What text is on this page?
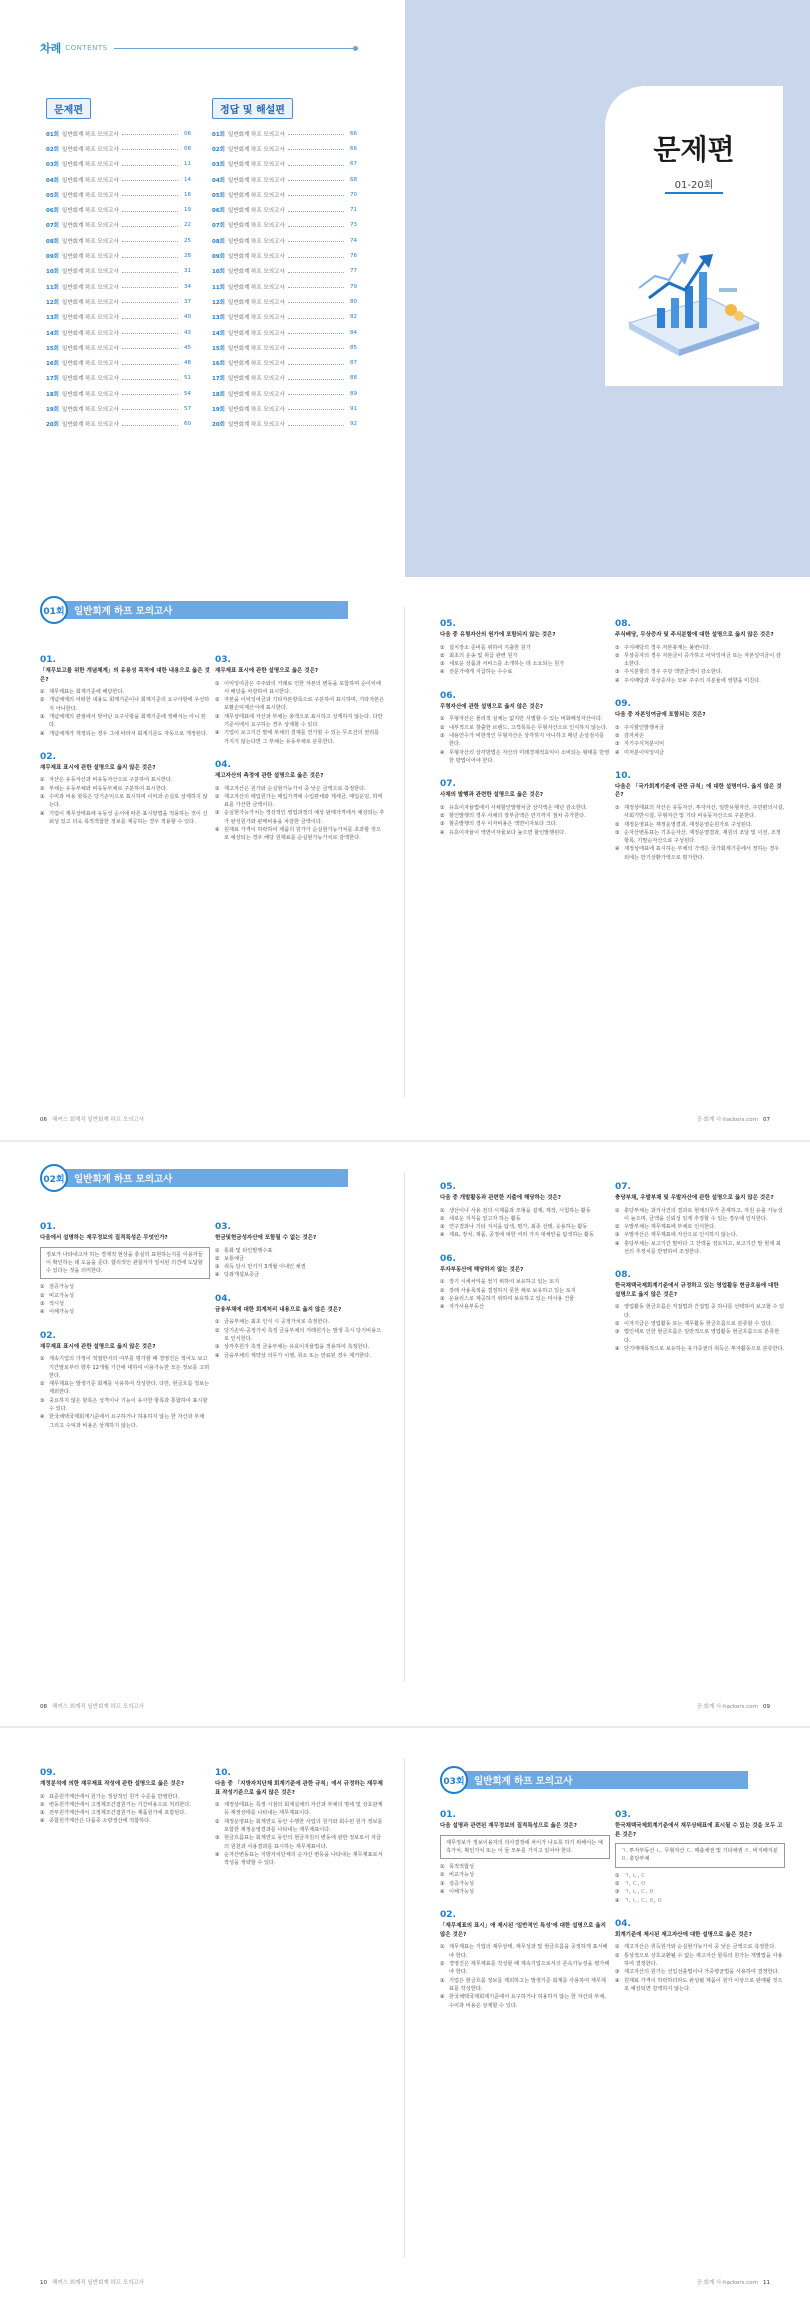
차례 CONTENTS
문제편
01회 일반회계 하프 모의고사	06
02회 일반회계 하프 모의고사	08
03회 일반회계 하프 모의고사	11
04회 일반회계 하프 모의고사	14
05회 일반회계 하프 모의고사	16
06회 일반회계 하프 모의고사	19
07회 일반회계 하프 모의고사	22
08회 일반회계 하프 모의고사	25
09회 일반회계 하프 모의고사	28
10회 일반회계 하프 모의고사	31
11회 일반회계 하프 모의고사	34
12회 일반회계 하프 모의고사	37
13회 일반회계 하프 모의고사	40
14회 일반회계 하프 모의고사	43
15회 일반회계 하프 모의고사	45
16회 일반회계 하프 모의고사	48
17회 일반회계 하프 모의고사	51
18회 일반회계 하프 모의고사	54
19회 일반회계 하프 모의고사	57
20회 일반회계 하프 모의고사	60
정답 및 해설편
01회 일반회계 하프 모의고사	66
02회 일반회계 하프 모의고사	66
03회 일반회계 하프 모의고사	67
04회 일반회계 하프 모의고사	68
05회 일반회계 하프 모의고사	70
06회 일반회계 하프 모의고사	71
07회 일반회계 하프 모의고사	73
08회 일반회계 하프 모의고사	74
09회 일반회계 하프 모의고사	76
10회 일반회계 하프 모의고사	77
11회 일반회계 하프 모의고사	79
12회 일반회계 하프 모의고사	80
13회 일반회계 하프 모의고사	82
14회 일반회계 하프 모의고사	84
15회 일반회계 하프 모의고사	85
16회 일반회계 하프 모의고사	87
17회 일반회계 하프 모의고사	88
18회 일반회계 하프 모의고사	89
19회 일반회계 하프 모의고사	91
20회 일반회계 하프 모의고사	92
문제편
01-20회
01회 일반회계 하프 모의고사
01.
「재무보고를 위한 개념체계」의 유용성 목적에 대한 내용으로 옳은 것은?
① 재무제표는 회계기준에 해당한다.
② 개념체계의 어떠한 내용도 회계기준이나 회계기준의 요구사항에 우선하지 아니한다.
③ 개념체계의 관점에서 벗어난 요구사항을 회계기준에 정해서는 아니 된다.
④ 개념체계가 개정되는 경우 그에 따라서 회계기준도 자동으로 개정된다.
02.
재무제표 표시에 관한 설명으로 옳지 않은 것은?
① 자산은 유동자산과 비유동자산으로 구분하여 표시한다.
② 부채는 유동부채와 비유동부채로 구분하여 표시한다.
③ 수익과 비용 항목은 당기손익으로 표시하며 이익과 손실로 상계하지 않는다.
④ 기업이 재무상태표에 유동성 순서에 따른 표시방법을 적용하는 것이 신뢰성 있고 더욱 목적적합한 정보를 제공하는 경우 적용할 수 있다.
03.
재무제표 표시에 관한 설명으로 옳은 것은?
① 이익잉여금은 주주와의 거래로 인한 자본의 변동을 포함하며 순이익에서 배당을 차감하여 표시한다.
② 자본을 이익잉여금과 기타자본항목으로 구분하여 표시하며, 기타자본은 포괄손익계산서에 표시한다.
③ 재무상태표에 자산과 부채는 총액으로 표시하고 상계하지 않는다. 다만 기준서에서 요구하는 경우 상계할 수 있다.
④ 기업이 보고기간 말에 부채의 결제를 연기할 수 있는 무조건의 권리를 가지지 않는다면 그 부채는 유동부채로 분류한다.
04.
재고자산의 측정에 관한 설명으로 옳은 것은?
① 재고자산은 원가와 순실현가능가치 중 낮은 금액으로 측정한다.
② 재고자산의 매입원가는 매입가격에 수입관세와 제세금, 매입운임, 하역료를 가산한 금액이다.
③ 순실현가능가치는 정상적인 영업과정의 예상 판매가격에서 예상되는 추가 완성원가와 판매비용을 차감한 금액이다.
④ 원재료 가격이 하락하여 제품의 원가가 순실현가능가치를 초과할 것으로 예상되는 경우 해당 원재료를 순실현가능가치로 감액한다.
05.
다음 중 유형자산의 원가에 포함되지 않는 것은?
① 설치장소 준비를 위하여 지출한 원가
② 최초의 운송 및 취급 관련 원가
③ 새로운 상품과 서비스를 소개하는 데 소요되는 원가
④ 전문가에게 지급하는 수수료
06.
무형자산에 관한 설명으로 옳지 않은 것은?
① 무형자산은 물리적 실체는 없지만 식별할 수 있는 비화폐성자산이다.
② 내부적으로 창출한 브랜드, 고객목록은 무형자산으로 인식하지 않는다.
③ 내용연수가 비한정인 무형자산은 상각하지 아니하고 매년 손상검사를 한다.
④ 무형자산의 상각방법은 자산의 미래경제적효익이 소비되는 형태를 반영한 방법이어야 한다.
07.
사채의 발행과 관련한 설명으로 옳은 것은?
① 유효이자율법에서 사채할인발행차금 상각액은 매년 감소한다.
② 할인발행의 경우 사채의 장부금액은 만기까지 점차 증가한다.
③ 할증발행의 경우 이자비용은 액면이자보다 크다.
④ 유효이자율이 액면이자율보다 높으면 할인발행된다.
08.
주식배당, 무상증자 및 주식분할에 대한 설명으로 옳지 않은 것은?
① 주식배당의 경우 자본총계는 불변이다.
② 무상증자의 경우 자본금이 증가하고 이익잉여금 또는 자본잉여금이 감소한다.
③ 주식분할의 경우 주당 액면금액이 감소한다.
④ 주식배당과 무상증자는 모두 주주의 지분율에 영향을 미친다.
09.
다음 중 자본잉여금에 포함되는 것은?
① 주식할인발행차금
② 감자차손
③ 자기주식처분이익
④ 미처분이익잉여금
10.
다음은 「국가회계기준에 관한 규칙」에 대한 설명이다. 옳지 않은 것은?
① 재정상태표의 자산은 유동자산, 투자자산, 일반유형자산, 주민편의시설, 사회기반시설, 무형자산 및 기타 비유동자산으로 구분한다.
② 재정운영표는 재정운영결과, 재정운영순원가로 구성된다.
③ 순자산변동표는 기초순자산, 재정운영결과, 재원의 조달 및 이전, 조정항목, 기말순자산으로 구성된다.
④ 재정상태표에 표시하는 부채의 가액은 국가회계기준에서 정하는 경우 외에는 만기상환가액으로 평가한다.
06 해커스 회계직 일반회계 하프 모의고사	공·회계 사·hackers.com 07
02회 일반회계 하프 모의고사
01.
다음에서 설명하는 재무정보의 질적특성은 무엇인가?
정보가 나타내고자 하는 경제적 현상을 충실히 표현하는지를 이용자들이 확인하는 데 도움을 준다. 합리적인 관찰자가 일치된 의견에 도달할 수 있다는 것을 의미한다.
① 검증가능성
② 비교가능성
③ 적시성
④ 이해가능성
02.
재무제표 표시에 관한 설명으로 옳지 않은 것은?
① 계속기업의 가정이 적절한지의 여부를 평가할 때 경영진은 적어도 보고기간말로부터 향후 12개월 기간에 대하여 이용가능한 모든 정보를 고려한다.
② 재무제표는 발생기준 회계를 사용하여 작성한다. 다만, 현금흐름 정보는 제외한다.
③ 중요하지 않은 항목은 성격이나 기능이 유사한 항목과 통합하여 표시할 수 있다.
④ 한국채택국제회계기준에서 요구하거나 허용하지 않는 한 자산과 부채 그리고 수익과 비용은 상계하지 않는다.
03.
현금및현금성자산에 포함될 수 없는 것은?
① 통화 및 타인발행수표
② 보통예금
③ 취득 당시 만기가 3개월 이내인 채권
④ 당좌개설보증금
04.
금융부채에 대한 회계처리 내용으로 옳지 않은 것은?
① 금융부채는 최초 인식 시 공정가치로 측정한다.
② 당기손익-공정가치 측정 금융부채의 거래원가는 발생 즉시 당기비용으로 인식한다.
③ 상각후원가 측정 금융부채는 유효이자율법을 적용하여 측정한다.
④ 금융부채의 계약상 의무가 이행, 취소 또는 만료된 경우 제거한다.
05.
다음 중 개발활동과 관련한 지출에 해당하는 것은?
① 생산이나 사용 전의 시제품과 모형을 설계, 제작, 시험하는 활동
② 새로운 지식을 얻고자 하는 활동
③ 연구결과나 기타 지식을 탐색, 평가, 최종 선택, 응용하는 활동
④ 재료, 장치, 제품, 공정에 대한 여러 가지 대체안을 탐색하는 활동
06.
투자부동산에 해당하지 않는 것은?
① 장기 시세차익을 얻기 위하여 보유하고 있는 토지
② 장래 사용목적을 결정하지 못한 채로 보유하고 있는 토지
③ 운용리스로 제공하기 위하여 보유하고 있는 미사용 건물
④ 자가사용부동산
07.
충당부채, 우발부채 및 우발자산에 관한 설명으로 옳지 않은 것은?
① 충당부채는 과거사건의 결과로 현재의무가 존재하고, 자원 유출 가능성이 높으며, 금액을 신뢰성 있게 추정할 수 있는 경우에 인식한다.
② 우발부채는 재무제표에 부채로 인식한다.
③ 우발자산은 재무제표에 자산으로 인식하지 않는다.
④ 충당부채는 보고기간 말마다 그 잔액을 검토하고, 보고기간 말 현재 최선의 추정치를 반영하여 조정한다.
08.
한국채택국제회계기준에서 규정하고 있는 영업활동 현금흐름에 대한 설명으로 옳지 않은 것은?
① 영업활동 현금흐름은 직접법과 간접법 중 하나를 선택하여 보고할 수 있다.
② 이자지급은 영업활동 또는 재무활동 현금흐름으로 분류할 수 있다.
③ 법인세로 인한 현금흐름은 일반적으로 영업활동 현금흐름으로 분류한다.
④ 단기매매목적으로 보유하는 유가증권의 취득은 투자활동으로 분류한다.
08 해커스 회계직 일반회계 하프 모의고사	공·회계 사·hackers.com 09
09.
계정분석에 의한 재무제표 작성에 관한 설명으로 옳은 것은?
① 표준원가계산에서 원가는 정상적인 원가 수준을 반영한다.
② 변동원가계산에서 고정제조간접원가는 기간비용으로 처리한다.
③ 전부원가계산에서 고정제조간접원가는 제품원가에 포함된다.
④ 종합원가계산은 다품종 소량생산에 적합하다.
10.
다음 중 「지방자치단체 회계기준에 관한 규칙」에서 규정하는 재무제표 작성기준으로 옳지 않은 것은?
① 재정상태표는 특정 시점의 회계실체의 자산과 부채의 명세 및 상호관계 등 재정상태를 나타내는 재무제표이다.
② 재정운영표는 회계연도 동안 수행한 사업의 원가와 회수된 원가 정보를 포함한 재정운영결과를 나타내는 재무제표이다.
③ 현금흐름표는 회계연도 동안의 현금자원의 변동에 관한 정보로서 자금의 원천과 사용결과를 표시하는 재무제표이다.
④ 순자산변동표는 지방자치단체의 순자산 변동을 나타내는 재무제표로서 작성을 생략할 수 있다.
03회 일반회계 하프 모의고사
01.
다음 설명과 관련된 재무정보의 질적특성으로 옳은 것은?
재무정보가 정보이용자의 의사결정에 차이가 나도록 하기 위해서는 예측가치, 확인가치 또는 이 둘 모두를 가지고 있어야 한다.
① 목적적합성
② 비교가능성
③ 검증가능성
④ 이해가능성
02.
「재무제표의 표시」에 제시된 '일반적인 특성'에 대한 설명으로 옳지 않은 것은?
① 재무제표는 기업의 재무상태, 재무성과 및 현금흐름을 공정하게 표시해야 한다.
② 경영진은 재무제표를 작성할 때 계속기업으로서의 존속가능성을 평가해야 한다.
③ 기업은 현금흐름 정보를 제외하고는 발생기준 회계를 사용하여 재무제표를 작성한다.
④ 한국채택국제회계기준에서 요구하거나 허용하지 않는 한 자산과 부채, 수익과 비용은 상계할 수 있다.
03.
한국채택국제회계기준에서 재무상태표에 표시될 수 있는 것을 모두 고른 것은?
ㄱ. 투자부동산 ㄴ. 무형자산 ㄷ. 매출채권 및 기타채권 ㄹ. 비지배지분 ㅁ. 충당부채
① ㄱ, ㄴ, ㄷ
② ㄱ, ㄷ, ㅁ
③ ㄱ, ㄴ, ㄷ, ㅁ
④ ㄱ, ㄴ, ㄷ, ㄹ, ㅁ
04.
회계기준에 제시된 재고자산에 대한 설명으로 옳은 것은?
① 재고자산은 취득원가와 순실현가능가치 중 낮은 금액으로 측정한다.
② 통상적으로 상호교환될 수 없는 재고자산 항목의 원가는 개별법을 사용하여 결정한다.
③ 재고자산의 원가는 선입선출법이나 가중평균법을 사용하여 결정한다.
④ 원재료 가격이 하락하더라도 완성될 제품이 원가 이상으로 판매될 것으로 예상되면 감액하지 않는다.
10 해커스 회계직 일반회계 하프 모의고사	공·회계 사·hackers.com 11
